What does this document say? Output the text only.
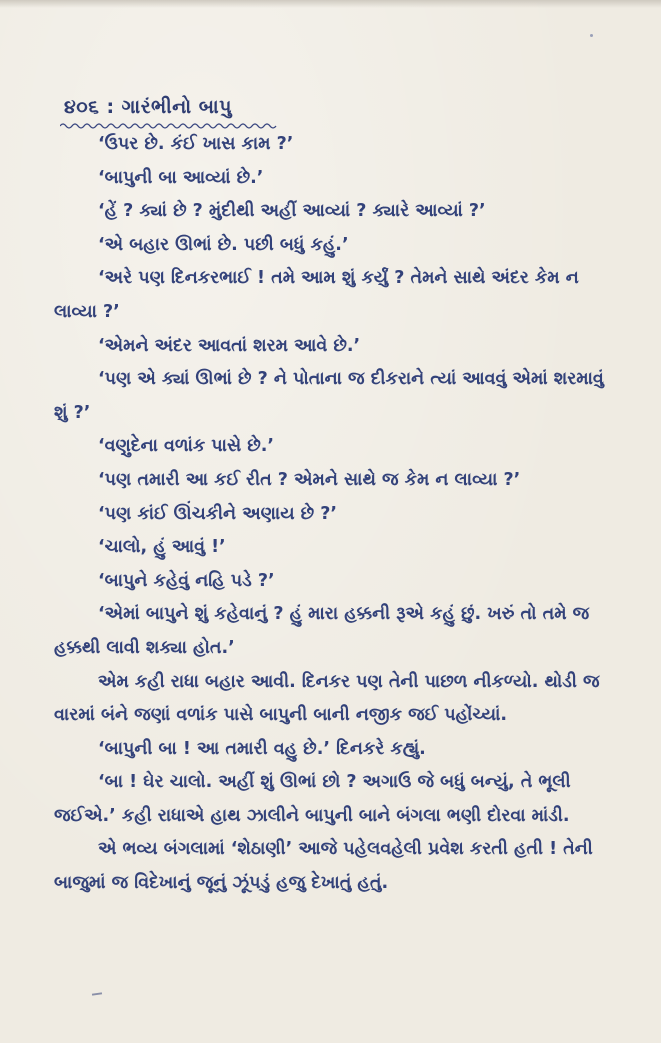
૪૦૬ : ગારંભીનો બાપુ

‘ઉપર છે. કંઈ ખાસ કામ ?’

‘બાપુની બા આવ્યાં છે.’

‘હેં ? ક્યાં છે ? મુંદીથી અહીં આવ્યાં ? ક્યારે આવ્યાં ?’

‘એ બહાર ઊભાં છે. પછી બધું કહું.’

‘અરે પણ દિનકરભાઈ ! તમે આમ શું કર્યું ? તેમને સાથે અંદર કેમ ન લાવ્યા ?’

‘એમને અંદર આવતાં શરમ આવે છે.’

‘પણ એ ક્યાં ઊભાં છે ? ને પોતાના જ દીકરાને ત્યાં આવવું એમાં શરમાવું શું ?’

‘વણુદેના વળાંક પાસે છે.’

‘પણ તમારી આ કઈ રીત ? એમને સાથે જ કેમ ન લાવ્યા ?’

‘પણ કાંઈ ઊંચકીને અણાય છે ?’

‘ચાલો, હું આવું !’

‘બાપુને કહેવું નહિ પડે ?’

‘એમાં બાપુને શું કહેવાનું ? હું મારા હક્કની રૂએ કહું છું. ખરું તો તમે જ હક્કથી લાવી શક્યા હોત.’

એમ કહી રાધા બહાર આવી. દિનકર પણ તેની પાછળ નીકળ્યો. થોડી જ વારમાં બંને જણાં વળાંક પાસે બાપુની બાની નજીક જઈ પહોંચ્યાં.

‘બાપુની બા ! આ તમારી વહુ છે.’ દિનકરે કહ્યું.

‘બા ! ઘેર ચાલો. અહીં શું ઊભાં છો ? અગાઉ જે બધું બન્યું, તે ભૂલી જઈએ.’ કહી રાધાએ હાથ ઝાલીને બાપુની બાને બંગલા ભણી દોરવા માંડી.

એ ભવ્ય બંગલામાં ‘શેઠાણી’ આજે પહેલવહેલી પ્રવેશ કરતી હતી ! તેની બાજુમાં જ વિદેખાનું જૂનું ઝૂંપડું હજુ દેખાતું હતું.
